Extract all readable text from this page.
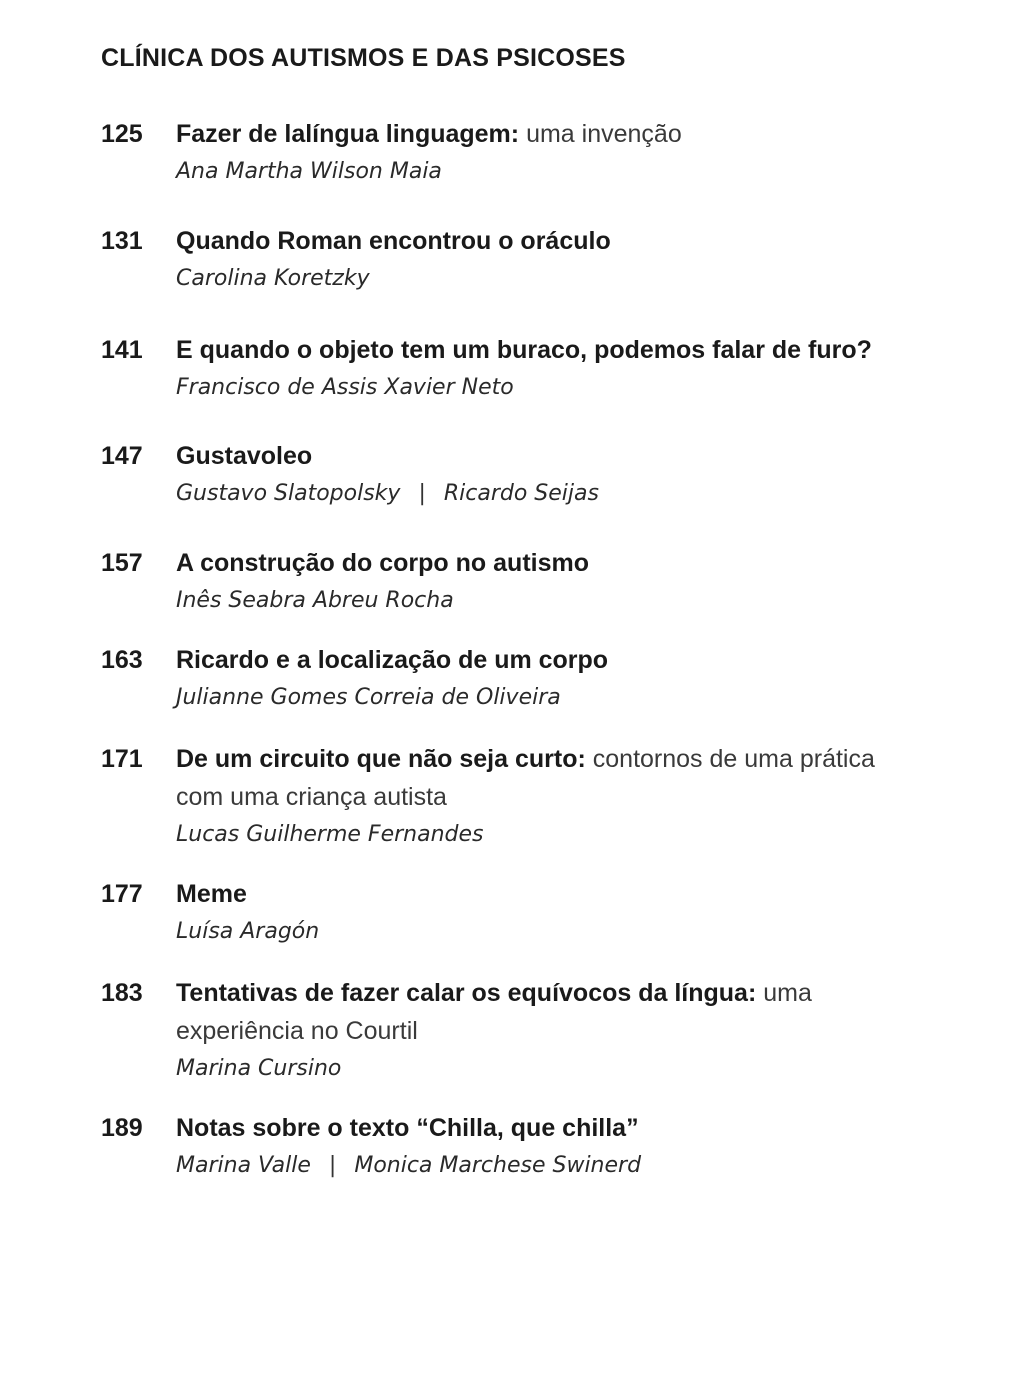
CLÍNICA DOS AUTISMOS E DAS PSICOSES
125	Fazer de lalíngua linguagem: uma invenção

Ana Martha Wilson Maia
131	Quando Roman encontrou o oráculo

Carolina Koretzky
141	E quando o objeto tem um buraco, podemos falar de furo?

Francisco de Assis Xavier Neto
147	Gustavoleo

Gustavo Slatopolsky | Ricardo Seijas
157	A construção do corpo no autismo

Inês Seabra Abreu Rocha
163	Ricardo e a localização de um corpo

Julianne Gomes Correia de Oliveira
171	De um circuito que não seja curto: contornos de uma prática com uma criança autista

Lucas Guilherme Fernandes
177	Meme

Luísa Aragón
183	Tentativas de fazer calar os equívocos da língua: uma experiência no Courtil

Marina Cursino
189	Notas sobre o texto “Chilla, que chilla”

Marina Valle | Monica Marchese Swinerd
